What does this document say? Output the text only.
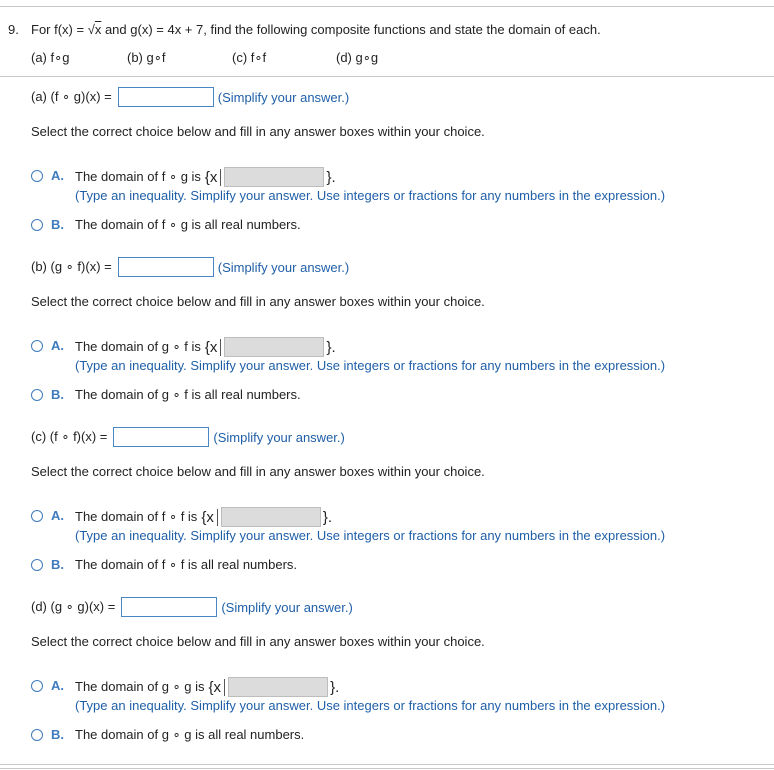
9. For f(x) = √x and g(x) = 4x + 7, find the following composite functions and state the domain of each.
(a) f∘g	(b) g∘f	(c) f∘f	(d) g∘g
(a) (f ∘ g)(x) =	(Simplify your answer.)
Select the correct choice below and fill in any answer boxes within your choice.
A. The domain of f ∘ g is {x	}.
(Type an inequality. Simplify your answer. Use integers or fractions for any numbers in the expression.)
B. The domain of f ∘ g is all real numbers.
(b) (g ∘ f)(x) =	(Simplify your answer.)
Select the correct choice below and fill in any answer boxes within your choice.
A. The domain of g ∘ f is {x	}.
(Type an inequality. Simplify your answer. Use integers or fractions for any numbers in the expression.)
B. The domain of g ∘ f is all real numbers.
(c) (f ∘ f)(x) =	(Simplify your answer.)
Select the correct choice below and fill in any answer boxes within your choice.
A. The domain of f ∘ f is {x	}.
(Type an inequality. Simplify your answer. Use integers or fractions for any numbers in the expression.)
B. The domain of f ∘ f is all real numbers.
(d) (g ∘ g)(x) =	(Simplify your answer.)
Select the correct choice below and fill in any answer boxes within your choice.
A. The domain of g ∘ g is {x	}.
(Type an inequality. Simplify your answer. Use integers or fractions for any numbers in the expression.)
B. The domain of g ∘ g is all real numbers.
